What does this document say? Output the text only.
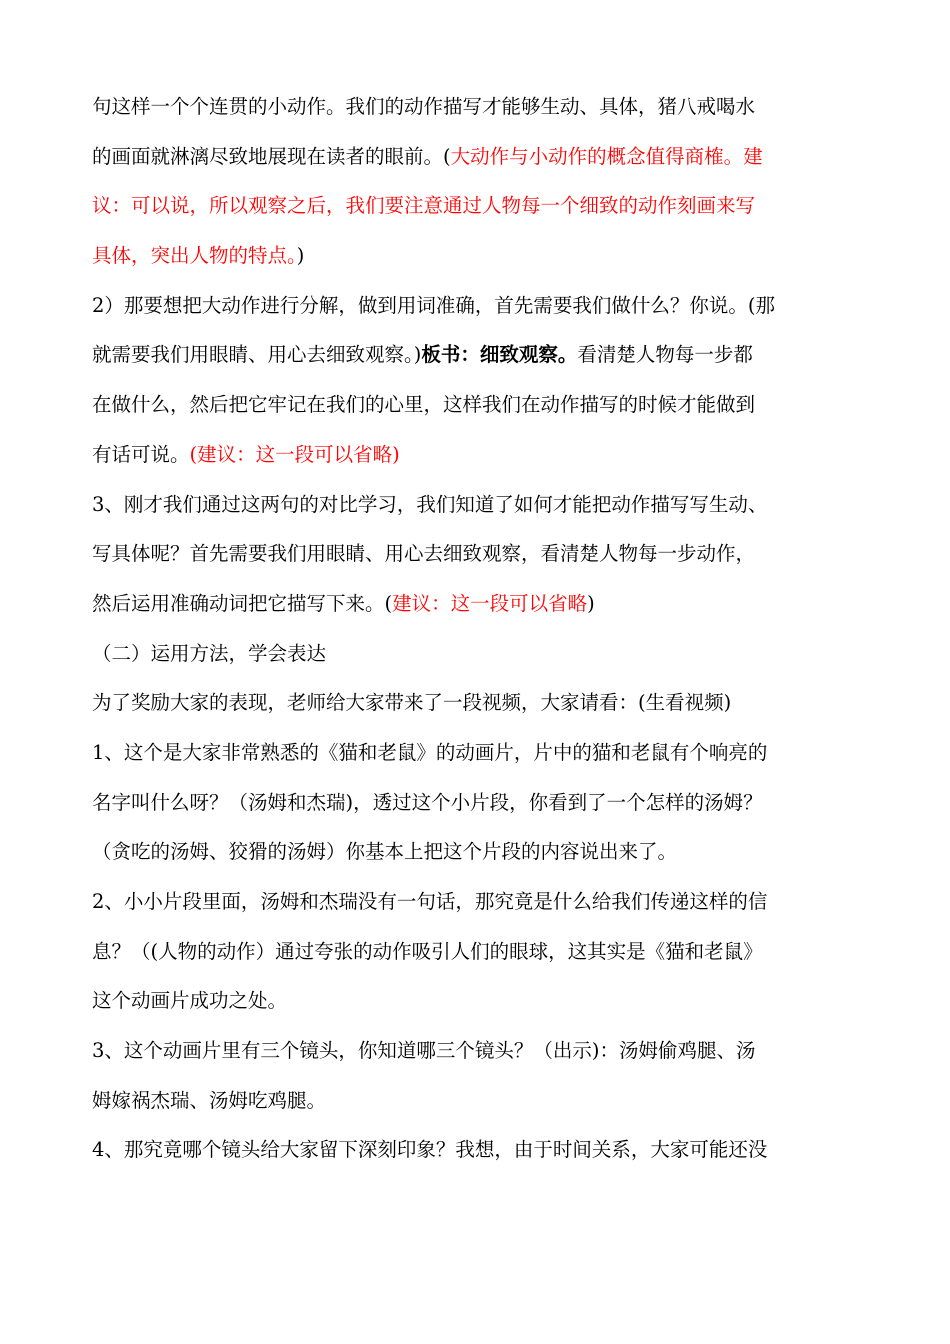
句这样一个个连贯的小动作。我们的动作描写才能够生动、具体，猪八戒喝水
的画面就淋漓尽致地展现在读者的眼前。(大动作与小动作的概念值得商榷。建
议：可以说，所以观察之后，我们要注意通过人物每一个细致的动作刻画来写
具体，突出人物的特点。)
2）那要想把大动作进行分解，做到用词准确，首先需要我们做什么？你说。(那
就需要我们用眼睛、用心去细致观察。)板书：细致观察。看清楚人物每一步都
在做什么，然后把它牢记在我们的心里，这样我们在动作描写的时候才能做到
有话可说。(建议：这一段可以省略)
3、刚才我们通过这两句的对比学习，我们知道了如何才能把动作描写写生动、
写具体呢？首先需要我们用眼睛、用心去细致观察，看清楚人物每一步动作，
然后运用准确动词把它描写下来。(建议：这一段可以省略)
（二）运用方法，学会表达
为了奖励大家的表现，老师给大家带来了一段视频，大家请看：(生看视频)
1、这个是大家非常熟悉的《猫和老鼠》的动画片，片中的猫和老鼠有个响亮的
名字叫什么呀？（汤姆和杰瑞)，透过这个小片段，你看到了一个怎样的汤姆？
（贪吃的汤姆、狡猾的汤姆）你基本上把这个片段的内容说出来了。
2、小小片段里面，汤姆和杰瑞没有一句话，那究竟是什么给我们传递这样的信
息？（(人物的动作）通过夸张的动作吸引人们的眼球，这其实是《猫和老鼠》
这个动画片成功之处。
3、这个动画片里有三个镜头，你知道哪三个镜头？（出示)：汤姆偷鸡腿、汤
姆嫁祸杰瑞、汤姆吃鸡腿。
4、那究竟哪个镜头给大家留下深刻印象？我想，由于时间关系，大家可能还没
